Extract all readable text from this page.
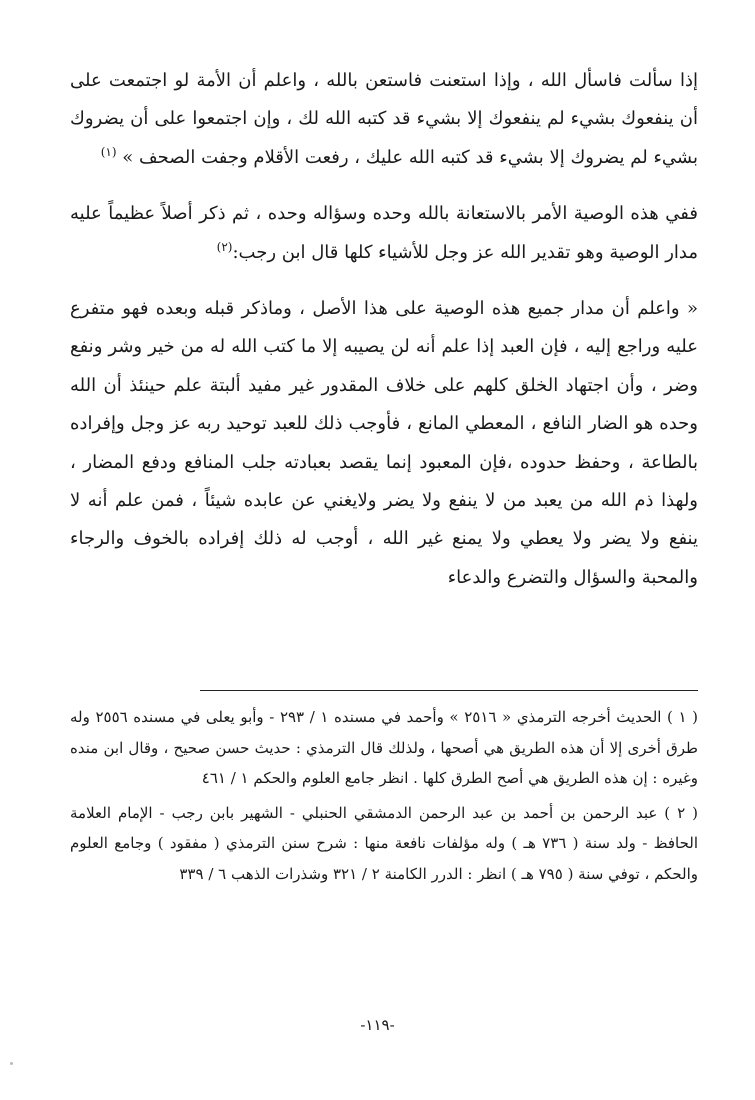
إذا سألت فاسأل الله ، وإذا استعنت فاستعن بالله ، واعلم أن الأمة لو اجتمعت على أن ينفعوك بشيء لم ينفعوك إلا بشيء قد كتبه الله لك ، وإن اجتمعوا على أن يضروك بشيء لم يضروك إلا بشيء قد كتبه الله عليك ، رفعت الأقلام وجفت الصحف » $^{(١)}$

ففي هذه الوصية الأمر بالاستعانة بالله وحده وسؤاله وحده ، ثم ذكر أصلاً عظيماً عليه مدار الوصية وهو تقدير الله عز وجل للأشياء كلها قال ابن رجب:$^{(٢)}$

« واعلم أن مدار جميع هذه الوصية على هذا الأصل ، وماذكر قبله وبعده فهو متفرع عليه وراجع إليه ، فإن العبد إذا علم أنه لن يصيبه إلا ما كتب الله له من خير وشر ونفع وضر ، وأن اجتهاد الخلق كلهم على خلاف المقدور غير مفيد ألبتة علم حينئذ أن الله وحده هو الضار النافع ، المعطي المانع ، فأوجب ذلك للعبد توحيد ربه عز وجل وإفراده بالطاعة ، وحفظ حدوده ،فإن المعبود إنما يقصد بعبادته جلب المنافع ودفع المضار ، ولهذا ذم الله من يعبد من لا ينفع ولا يضر ولايغني عن عابده شيئاً ، فمن علم أنه لا ينفع ولا يضر ولا يعطي ولا يمنع غير الله ، أوجب له ذلك إفراده بالخوف والرجاء والمحبة والسؤال والتضرع والدعاء

( ١ ) الحديث أخرجه الترمذي « ٢٥١٦ » وأحمد في مسنده ١ / ٢٩٣ - وأبو يعلى في مسنده ٢٥٥٦ وله طرق أخرى إلا أن هذه الطريق هي أصحها ، ولذلك قال الترمذي : حديث حسن صحيح ، وقال ابن منده وغيره : إن هذه الطريق هي أصح الطرق كلها . انظر جامع العلوم والحكم ١ / ٤٦١

( ٢ ) عبد الرحمن بن أحمد بن عبد الرحمن الدمشقي الحنبلي - الشهير بابن رجب - الإمام العلامة الحافظ - ولد سنة ( ٧٣٦ هـ ) وله مؤلفات نافعة منها : شرح سنن الترمذي ( مفقود ) وجامع العلوم والحكم ، توفي سنة ( ٧٩٥ هـ ) انظر : الدرر الكامنة ٢ / ٣٢١ وشذرات الذهب ٦ / ٣٣٩

-١١٩-
